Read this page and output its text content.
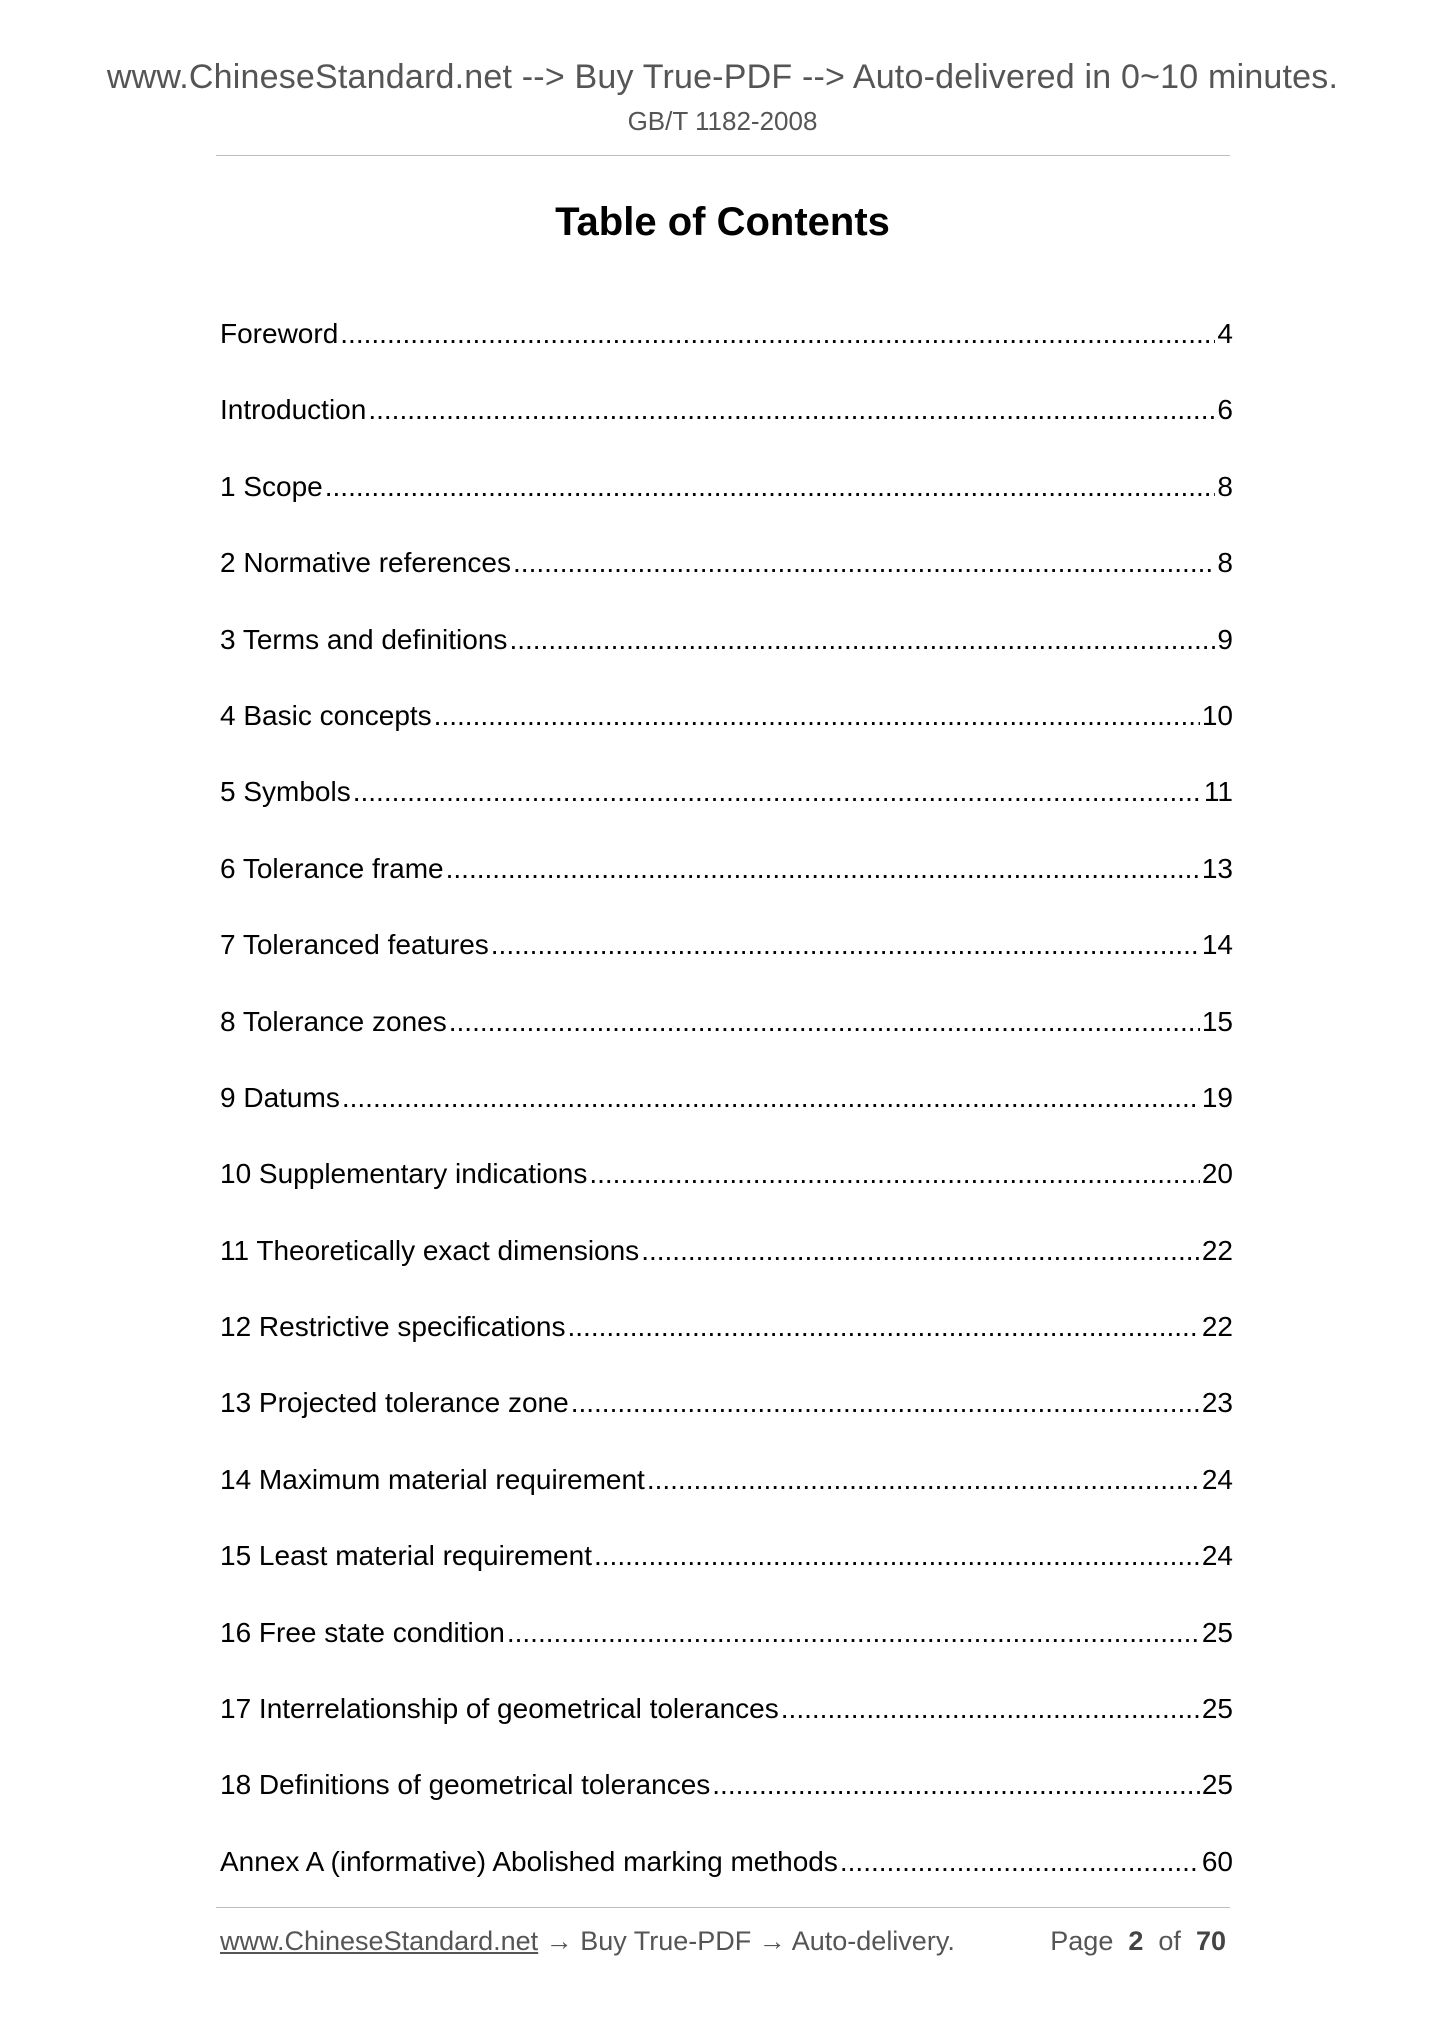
www.ChineseStandard.net --> Buy True-PDF --> Auto-delivered in 0~10 minutes.
GB/T 1182-2008
Table of Contents
Foreword .....	4
Introduction .....	6
1 Scope .....	8
2 Normative references .....	8
3 Terms and definitions .....	9
4 Basic concepts .....	10
5 Symbols .....	11
6 Tolerance frame .....	13
7 Toleranced features .....	14
8 Tolerance zones .....	15
9 Datums .....	19
10 Supplementary indications .....	20
11 Theoretically exact dimensions .....	22
12 Restrictive specifications .....	22
13 Projected tolerance zone .....	23
14 Maximum material requirement .....	24
15 Least material requirement .....	24
16 Free state condition .....	25
17 Interrelationship of geometrical tolerances .....	25
18 Definitions of geometrical tolerances .....	25
Annex A (informative) Abolished marking methods .....	60
www.ChineseStandard.net → Buy True-PDF → Auto-delivery.	Page 2 of 70
